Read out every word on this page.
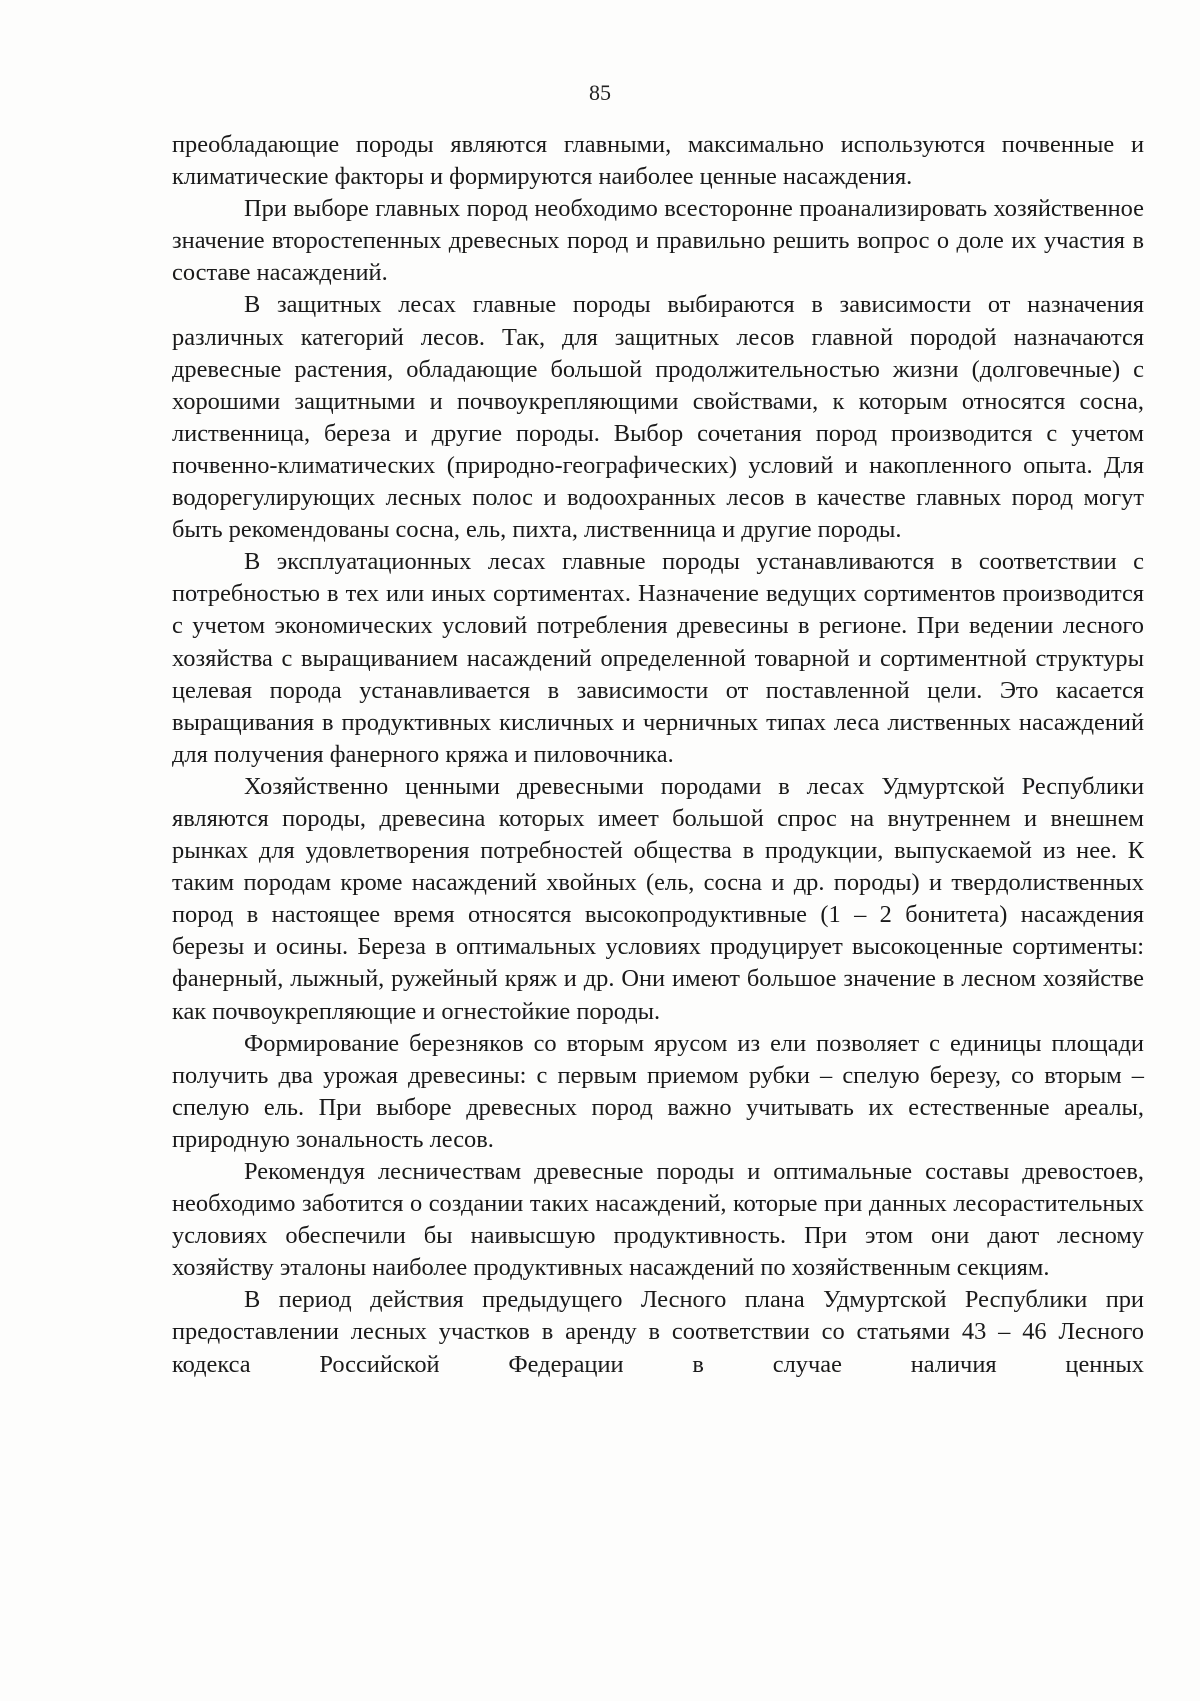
85

преобладающие породы являются главными, максимально используются почвенные и климатические факторы и формируются наиболее ценные насаждения.

При выборе главных пород необходимо всесторонне проанализировать хозяйственное значение второстепенных древесных пород и правильно решить вопрос о доле их участия в составе насаждений.

В защитных лесах главные породы выбираются в зависимости от назначения различных категорий лесов. Так, для защитных лесов главной породой назначаются древесные растения, обладающие большой продолжительностью жизни (долговечные) с хорошими защитными и почвоукрепляющими свойствами, к которым относятся сосна, лиственница, береза и другие породы. Выбор сочетания пород производится с учетом почвенно-климатических (природно-географических) условий и накопленного опыта. Для водорегулирующих лесных полос и водоохранных лесов в качестве главных пород могут быть рекомендованы сосна, ель, пихта, лиственница и другие породы.

В эксплуатационных лесах главные породы устанавливаются в соответствии с потребностью в тех или иных сортиментах. Назначение ведущих сортиментов производится с учетом экономических условий потребления древесины в регионе. При ведении лесного хозяйства с выращиванием насаждений определенной товарной и сортиментной структуры целевая порода устанавливается в зависимости от поставленной цели. Это касается выращивания в продуктивных кисличных и черничных типах леса лиственных насаждений для получения фанерного кряжа и пиловочника.

Хозяйственно ценными древесными породами в лесах Удмуртской Республики являются породы, древесина которых имеет большой спрос на внутреннем и внешнем рынках для удовлетворения потребностей общества в продукции, выпускаемой из нее. К таким породам кроме насаждений хвойных (ель, сосна и др. породы) и твердолиственных пород в настоящее время относятся высокопродуктивные (1 – 2 бонитета) насаждения березы и осины. Береза в оптимальных условиях продуцирует высокоценные сортименты: фанерный, лыжный, ружейный кряж и др. Они имеют большое значение в лесном хозяйстве как почвоукрепляющие и огнестойкие породы.

Формирование березняков со вторым ярусом из ели позволяет с единицы площади получить два урожая древесины: с первым приемом рубки – спелую березу, со вторым – спелую ель. При выборе древесных пород важно учитывать их естественные ареалы, природную зональность лесов.

Рекомендуя лесничествам древесные породы и оптимальные составы древостоев, необходимо заботится о создании таких насаждений, которые при данных лесорастительных условиях обеспечили бы наивысшую продуктивность. При этом они дают лесному хозяйству эталоны наиболее продуктивных насаждений по хозяйственным секциям.

В период действия предыдущего Лесного плана Удмуртской Республики при предоставлении лесных участков в аренду в соответствии со статьями 43 – 46 Лесного кодекса Российской Федерации в случае наличия ценных
